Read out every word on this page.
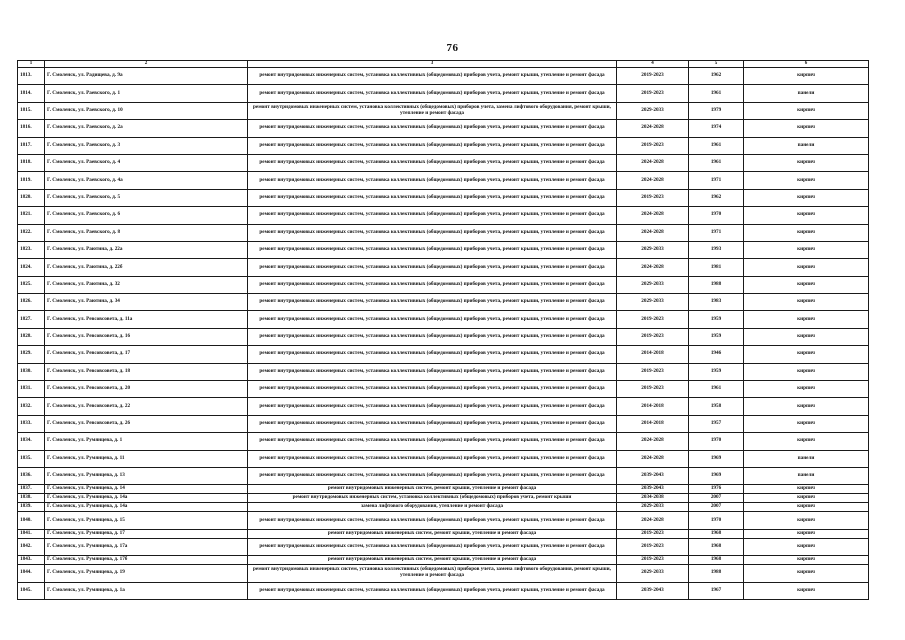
76
1	2	3	4	5	6
1813.	Г. Смоленск, ул. Радищева, д. 9а	ремонт внутридомовых инженерных систем, установка коллективных (общедомовых) приборов учета, ремонт крыши, утепление и ремонт фасада	2019-2023	1962	кирпич
1814.	Г. Смоленск, ул. Раевского, д. 1	ремонт внутридомовых инженерных систем, установка коллективных (общедомовых) приборов учета, ремонт крыши, утепление и ремонт фасада	2019-2023	1961	панели
1815.	Г. Смоленск, ул. Раевского, д. 10	ремонт внутридомовых инженерных систем, установка коллективных (общедомовых) приборов учета, замена лифтового оборудования, ремонт крыши, утепление и ремонт фасада	2029-2033	1979	кирпич
1816.	Г. Смоленск, ул. Раевского, д. 2а	ремонт внутридомовых инженерных систем, установка коллективных (общедомовых) приборов учета, ремонт крыши, утепление и ремонт фасада	2024-2028	1974	кирпич
1817.	Г. Смоленск, ул. Раевского, д. 3	ремонт внутридомовых инженерных систем, установка коллективных (общедомовых) приборов учета, ремонт крыши, утепление и ремонт фасада	2019-2023	1961	панели
1818.	Г. Смоленск, ул. Раевского, д. 4	ремонт внутридомовых инженерных систем, установка коллективных (общедомовых) приборов учета, ремонт крыши, утепление и ремонт фасада	2024-2028	1961	кирпич
1819.	Г. Смоленск, ул. Раевского, д. 4а	ремонт внутридомовых инженерных систем, установка коллективных (общедомовых) приборов учета, ремонт крыши, утепление и ремонт фасада	2024-2028	1971	кирпич
1820.	Г. Смоленск, ул. Раевского, д. 5	ремонт внутридомовых инженерных систем, установка коллективных (общедомовых) приборов учета, ремонт крыши, утепление и ремонт фасада	2019-2023	1962	кирпич
1821.	Г. Смоленск, ул. Раевского, д. 6	ремонт внутридомовых инженерных систем, установка коллективных (общедомовых) приборов учета, ремонт крыши, утепление и ремонт фасада	2024-2028	1970	кирпич
1822.	Г. Смоленск, ул. Раевского, д. 8	ремонт внутридомовых инженерных систем, установка коллективных (общедомовых) приборов учета, ремонт крыши, утепление и ремонт фасада	2024-2028	1971	кирпич
1823.	Г. Смоленск, ул. Раютина, д. 22а	ремонт внутридомовых инженерных систем, установка коллективных (общедомовых) приборов учета, ремонт крыши, утепление и ремонт фасада	2029-2033	1993	кирпич
1824.	Г. Смоленск, ул. Раютина, д. 22б	ремонт внутридомовых инженерных систем, установка коллективных (общедомовых) приборов учета, ремонт крыши, утепление и ремонт фасада	2024-2028	1981	кирпич
1825.	Г. Смоленск, ул. Раютина, д. 32	ремонт внутридомовых инженерных систем, установка коллективных (общедомовых) приборов учета, ремонт крыши, утепление и ремонт фасада	2029-2033	1988	кирпич
1826.	Г. Смоленск, ул. Раютина, д. 34	ремонт внутридомовых инженерных систем, установка коллективных (общедомовых) приборов учета, ремонт крыши, утепление и ремонт фасада	2029-2033	1983	кирпич
1827.	Г. Смоленск, ул. Ревсовсовета, д. 11а	ремонт внутридомовых инженерных систем, установка коллективных (общедомовых) приборов учета, ремонт крыши, утепление и ремонт фасада	2019-2023	1959	кирпич
1828.	Г. Смоленск, ул. Ревсовсовета, д. 16	ремонт внутридомовых инженерных систем, установка коллективных (общедомовых) приборов учета, ремонт крыши, утепление и ремонт фасада	2019-2023	1959	кирпич
1829.	Г. Смоленск, ул. Ревсовсовета, д. 17	ремонт внутридомовых инженерных систем, установка коллективных (общедомовых) приборов учета, ремонт крыши, утепление и ремонт фасада	2014-2018	1946	кирпич
1830.	Г. Смоленск, ул. Ревсовсовета, д. 18	ремонт внутридомовых инженерных систем, установка коллективных (общедомовых) приборов учета, ремонт крыши, утепление и ремонт фасада	2019-2023	1959	кирпич
1831.	Г. Смоленск, ул. Ревсовсовета, д. 20	ремонт внутридомовых инженерных систем, установка коллективных (общедомовых) приборов учета, ремонт крыши, утепление и ремонт фасада	2019-2023	1961	кирпич
1832.	Г. Смоленск, ул. Ревсовсовета, д. 22	ремонт внутридомовых инженерных систем, установка коллективных (общедомовых) приборов учета, ремонт крыши, утепление и ремонт фасада	2014-2018	1958	кирпич
1833.	Г. Смоленск, ул. Ревсовсовета, д. 26	ремонт внутридомовых инженерных систем, установка коллективных (общедомовых) приборов учета, ремонт крыши, утепление и ремонт фасада	2014-2018	1957	кирпич
1834.	Г. Смоленск, ул. Румянцева, д. 1	ремонт внутридомовых инженерных систем, установка коллективных (общедомовых) приборов учета, ремонт крыши, утепление и ремонт фасада	2024-2028	1970	кирпич
1835.	Г. Смоленск, ул. Румянцева, д. 11	ремонт внутридомовых инженерных систем, установка коллективных (общедомовых) приборов учета, ремонт крыши, утепление и ремонт фасада	2024-2028	1969	панели
1836.	Г. Смоленск, ул. Румянцева, д. 13	ремонт внутридомовых инженерных систем, установка коллективных (общедомовых) приборов учета, ремонт крыши, утепление и ремонт фасада	2039-2043	1969	панели
1837.	Г. Смоленск, ул. Румянцева, д. 14	ремонт внутридомовых инженерных систем, ремонт крыши, утепление и ремонт фасада	2039-2043	1976	кирпич
1838.	Г. Смоленск, ул. Румянцева, д. 14а	ремонт внутридомовых инженерных систем, установка коллективных (общедомовых) приборов учета, ремонт крыши	2034-2038	2007	кирпич
1839.	Г. Смоленск, ул. Румянцева, д. 14а	замена лифтового оборудования, утепление и ремонт фасада	2029-2033	2007	кирпич
1840.	Г. Смоленск, ул. Румянцева, д. 15	ремонт внутридомовых инженерных систем, установка коллективных (общедомовых) приборов учета, ремонт крыши, утепление и ремонт фасада	2024-2028	1970	кирпич
1841.	Г. Смоленск, ул. Румянцева, д. 17	ремонт внутридомовых инженерных систем, ремонт крыши, утепление и ремонт фасада	2019-2023	1968	кирпич
1842.	Г. Смоленск, ул. Румянцева, д. 17а	ремонт внутридомовых инженерных систем, установка коллективных (общедомовых) приборов учета, ремонт крыши, утепление и ремонт фасада	2019-2023	1968	кирпич
1843.	Г. Смоленск, ул. Румянцева, д. 17б	ремонт внутридомовых инженерных систем, ремонт крыши, утепление и ремонт фасада	2019-2023	1968	кирпич
1844.	Г. Смоленск, ул. Румянцева, д. 19	ремонт внутридомовых инженерных систем, установка коллективных (общедомовых) приборов учета, замена лифтового оборудования, ремонт крыши, утепление и ремонт фасада	2029-2033	1988	кирпич
1845.	Г. Смоленск, ул. Румянцева, д. 1а	ремонт внутридомовых инженерных систем, установка коллективных (общедомовых) приборов учета, ремонт крыши, утепление и ремонт фасада	2039-2043	1967	кирпич
